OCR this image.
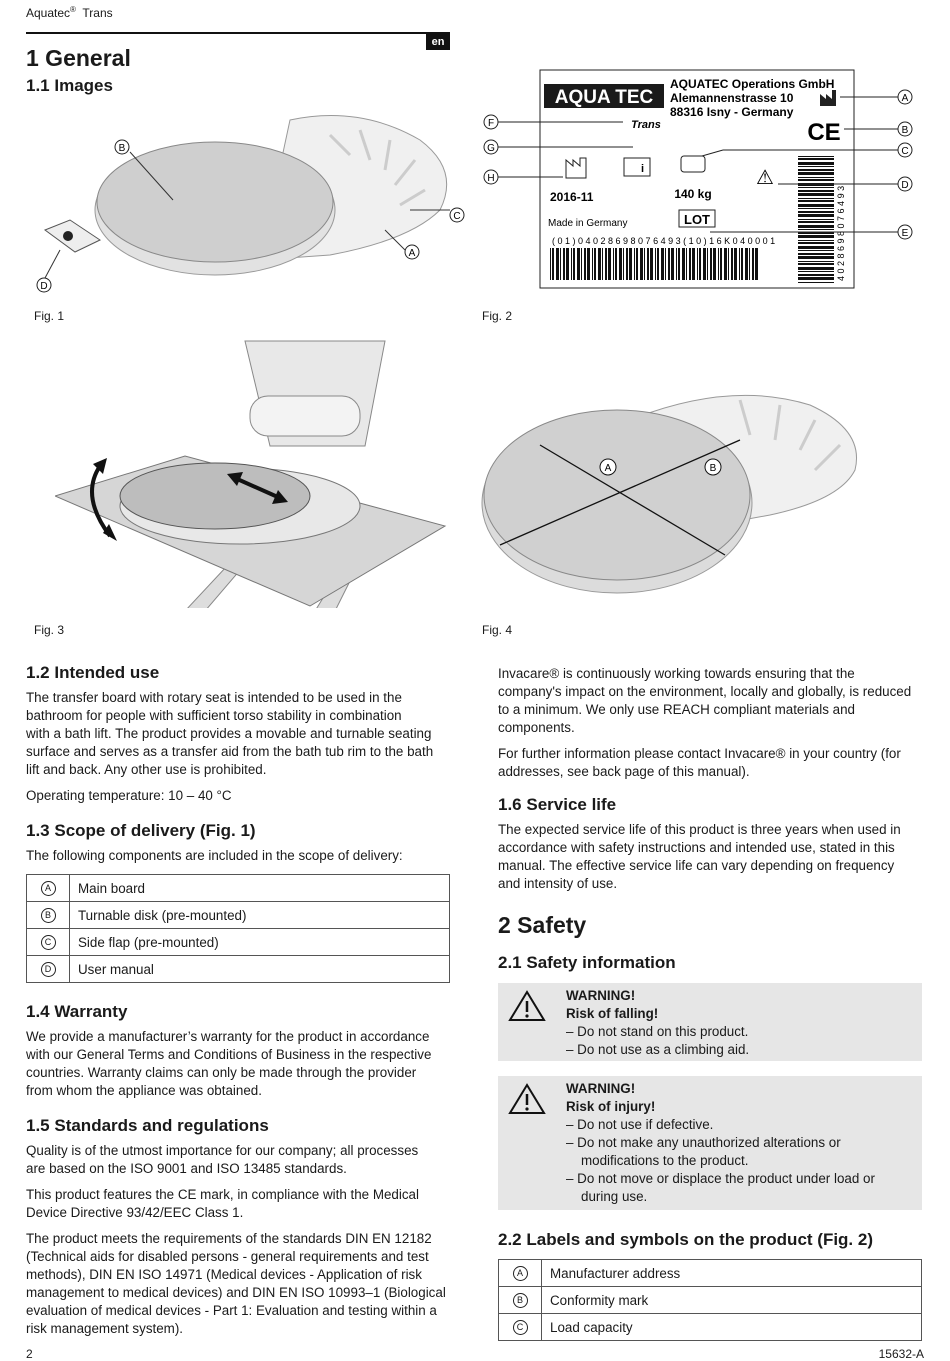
Aquatec® Trans
en
1 General
1.1 Images
B
C
A
D
Fig. 1
AQUA TEC
Trans
AQUATEC Operations GmbH
Alemannenstrasse 10
88316 Isny - Germany
CE
2016-11
i
140 kg
⚠
Made in Germany	LOT
( 0 1 ) 0 4 0 2 8 6 9 8 0 7 6 4 9 3 ( 1 0 ) 1 6 K 0 4 0 0 0 1	4 0 2 8 6 9 8 0 7 6 4 9 3
F
G
H
A
B
C
D
E
Fig. 2
Fig. 3
A	B
Fig. 4
1.2 Intended use
The transfer board with rotary seat is intended to be used in the
bathroom for people with sufficient torso stability in combination
with a bath lift. The product provides a movable and turnable seating
surface and serves as a transfer aid from the bath tub rim to the bath
lift and back. Any other use is prohibited.
Operating temperature: 10 – 40 °C
1.3 Scope of delivery (Fig. 1)
The following components are included in the scope of delivery:
A	Main board
B	Turnable disk (pre-mounted)
C	Side flap (pre-mounted)
D	User manual
1.4 Warranty
We provide a manufacturer’s warranty for the product in accordance
with our General Terms and Conditions of Business in the respective
countries. Warranty claims can only be made through the provider
from whom the appliance was obtained.
1.5 Standards and regulations
Quality is of the utmost importance for our company; all processes
are based on the ISO 9001 and ISO 13485 standards.
This product features the CE mark, in compliance with the Medical
Device Directive 93/42/EEC Class 1.
The product meets the requirements of the standards DIN EN 12182
(Technical aids for disabled persons - general requirements and test
methods), DIN EN ISO 14971 (Medical devices - Application of risk
management to medical devices) and DIN EN ISO 10993–1 (Biological
evaluation of medical devices - Part 1: Evaluation and testing within a
risk management system).
Invacare® is continuously working towards ensuring that the
company's impact on the environment, locally and globally, is reduced
to a minimum. We only use REACH compliant materials and
components.
For further information please contact Invacare® in your country (for
addresses, see back page of this manual).
1.6 Service life
The expected service life of this product is three years when used in
accordance with safety instructions and intended use, stated in this
manual. The effective service life can vary depending on frequency
and intensity of use.
2 Safety
2.1 Safety information
WARNING!
Risk of falling!
– Do not stand on this product.
– Do not use as a climbing aid.
WARNING!
Risk of injury!
– Do not use if defective.
– Do not make any unauthorized alterations or
modifications to the product.
– Do not move or displace the product under load or
during use.
2.2 Labels and symbols on the product (Fig. 2)
A	Manufacturer address
B	Conformity mark
C	Load capacity
2	15632-A
